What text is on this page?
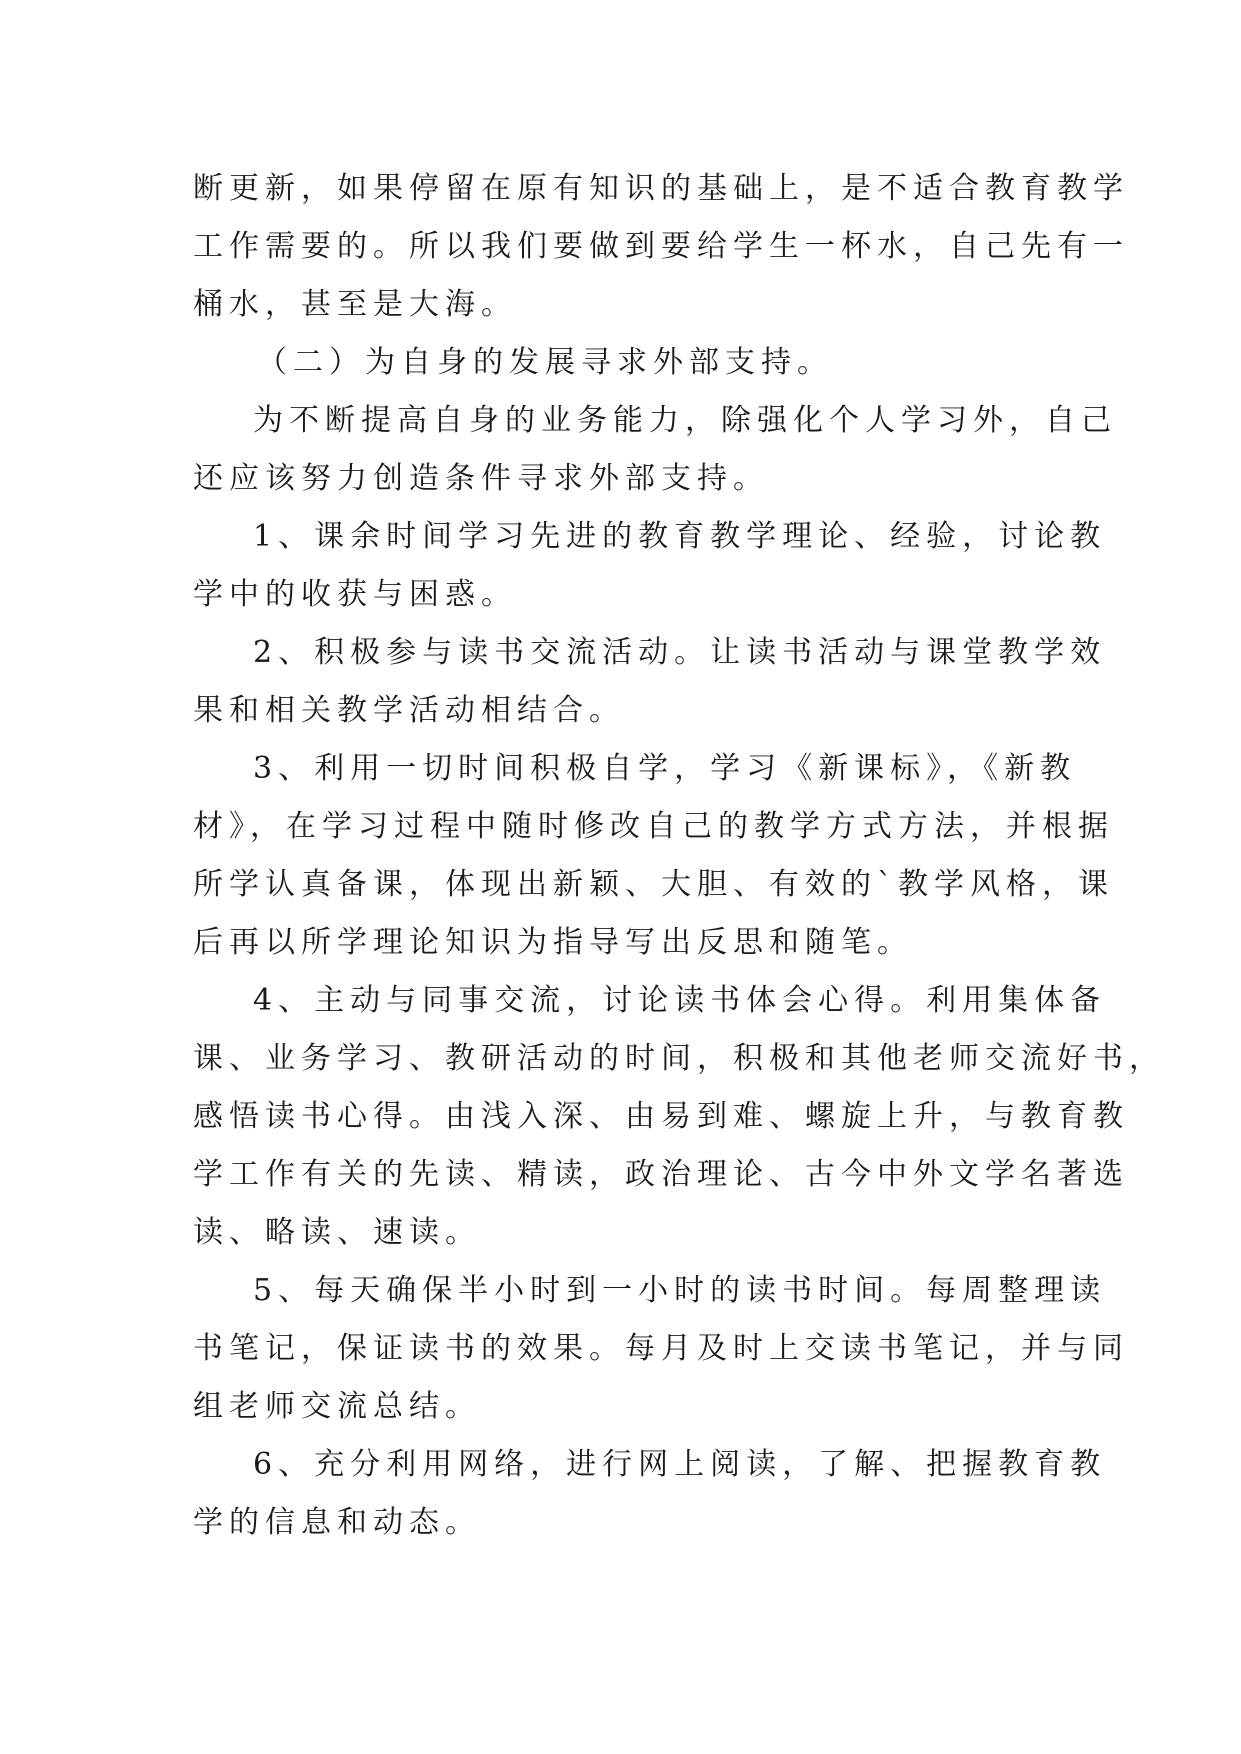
断更新，如果停留在原有知识的基础上，是不适合教育教学
工作需要的。所以我们要做到要给学生一杯水，自己先有一
桶水，甚至是大海。
（二）为自身的发展寻求外部支持。
为不断提高自身的业务能力，除强化个人学习外，自己
还应该努力创造条件寻求外部支持。
1、课余时间学习先进的教育教学理论、经验，讨论教
学中的收获与困惑。
2、积极参与读书交流活动。让读书活动与课堂教学效
果和相关教学活动相结合。
3、利用一切时间积极自学，学习《新课标》，《新教
材》，在学习过程中随时修改自己的教学方式方法，并根据
所学认真备课，体现出新颖、大胆、有效的`教学风格，课
后再以所学理论知识为指导写出反思和随笔。
4、主动与同事交流，讨论读书体会心得。利用集体备
课、业务学习、教研活动的时间，积极和其他老师交流好书，
感悟读书心得。由浅入深、由易到难、螺旋上升，与教育教
学工作有关的先读、精读，政治理论、古今中外文学名著选
读、略读、速读。
5、每天确保半小时到一小时的读书时间。每周整理读
书笔记，保证读书的效果。每月及时上交读书笔记，并与同
组老师交流总结。
6、充分利用网络，进行网上阅读，了解、把握教育教
学的信息和动态。
